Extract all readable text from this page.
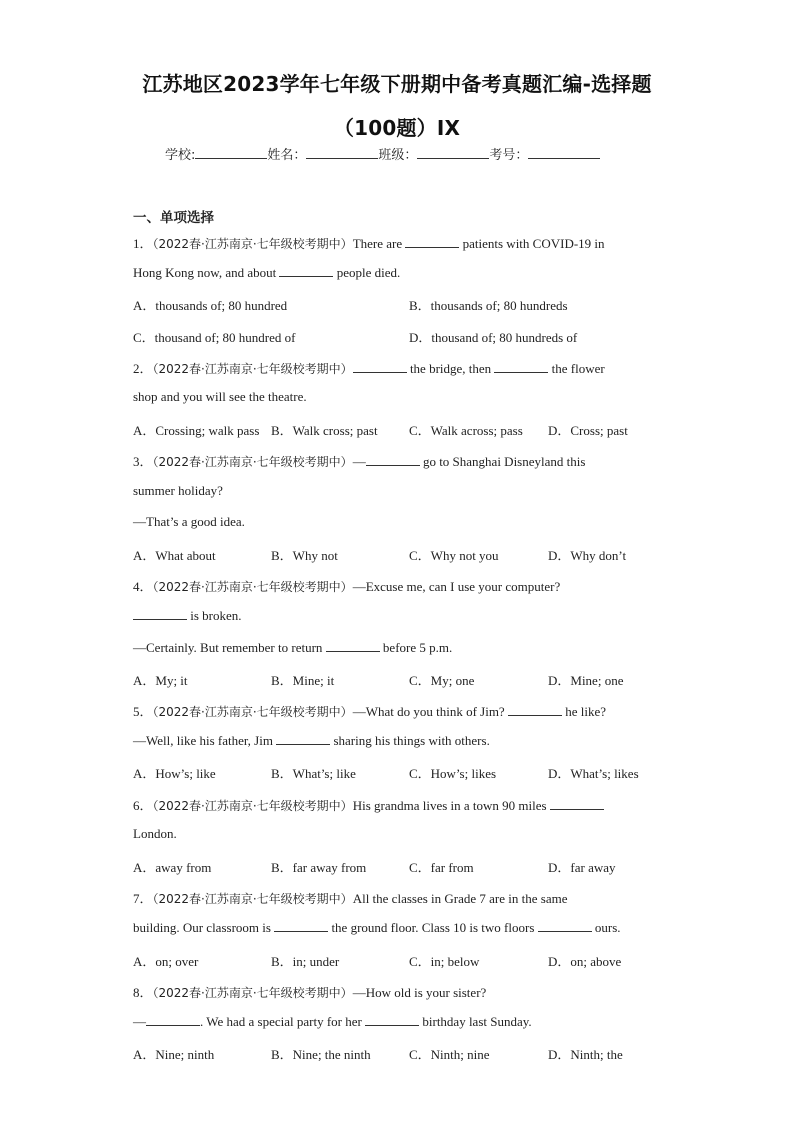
江苏地区2023学年七年级下册期中备考真题汇编-选择题
（100题）IX
学校:	姓名：	班级：	考号：
一、单项选择
1．（2022春·江苏南京·七年级校考期中）There are	patients with COVID-19 in
Hong Kong now, and about	people died.
A．thousands of; 80 hundred	B．thousands of; 80 hundreds
C．thousand of; 80 hundred of	D．thousand of; 80 hundreds of
2．（2022春·江苏南京·七年级校考期中）	the bridge, then	the flower
shop and you will see the theatre.
A．Crossing; walk pass B．Walk cross; past C．Walk across; pass D．Cross; past
3．（2022春·江苏南京·七年级校考期中）—	go to Shanghai Disneyland this
summer holiday?
—That’s a good idea.
A．What about	B．Why not	C．Why not you	D．Why don’t
4．（2022春·江苏南京·七年级校考期中）—Excuse me, can I use your computer?
is broken.
—Certainly. But remember to return	before 5 p.m.
A．My; it	B．Mine; it	C．My; one	D．Mine; one
5．（2022春·江苏南京·七年级校考期中）—What do you think of Jim?	he like?
—Well, like his father, Jim	sharing his things with others.
A．How’s; like	B．What’s; like	C．How’s; likes	D．What’s; likes
6．（2022春·江苏南京·七年级校考期中）His grandma lives in a town 90 miles
London.
A．away from	B．far away from	C．far from	D．far away
7．（2022春·江苏南京·七年级校考期中）All the classes in Grade 7 are in the same
building. Our classroom is	the ground floor. Class 10 is two floors	ours.
A．on; over	B．in; under	C．in; below	D．on; above
8．（2022春·江苏南京·七年级校考期中）—How old is your sister?
—	. We had a special party for her	birthday last Sunday.
A．Nine; ninth	B．Nine; the ninth	C．Ninth; nine	D．Ninth; the
